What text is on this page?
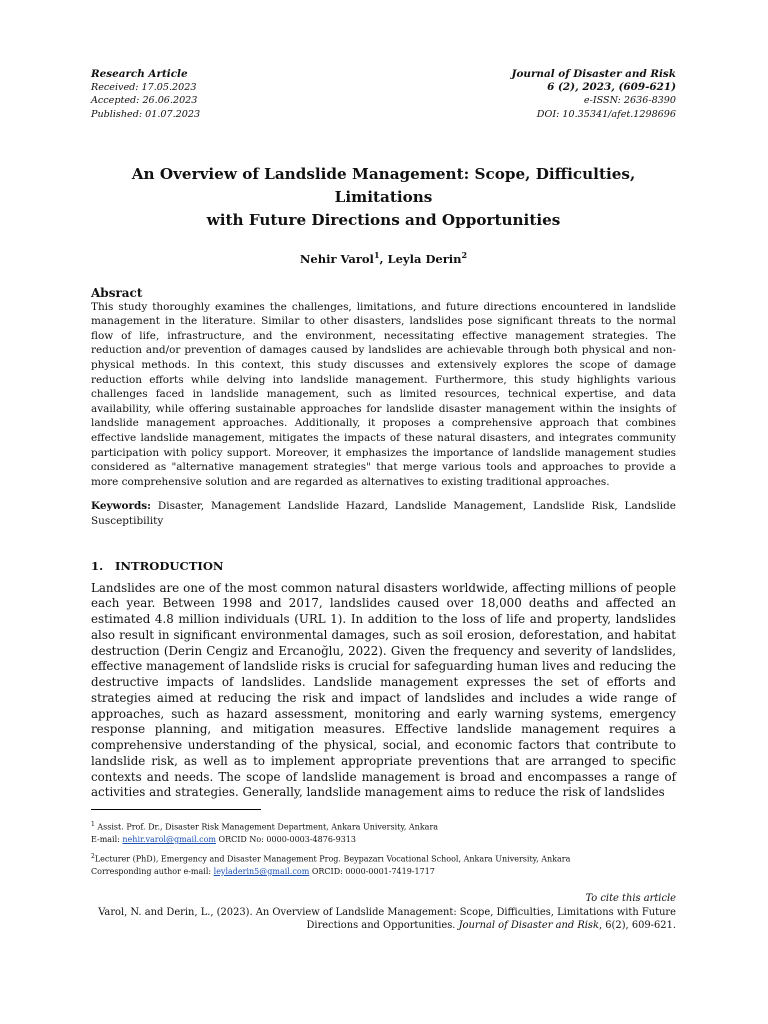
Research Article
Received: 17.05.2023
Accepted: 26.06.2023
Published: 01.07.2023
Journal of Disaster and Risk
6 (2), 2023, (609-621)
e-ISSN: 2636-8390
DOI: 10.35341/afet.1298696
An Overview of Landslide Management: Scope, Difficulties, Limitations
with Future Directions and Opportunities
Nehir Varol$^1$, Leyla Derin$^2$
Absract

This study thoroughly examines the challenges, limitations, and future directions encountered in landslide management in the literature. Similar to other disasters, landslides pose significant threats to the normal flow of life, infrastructure, and the environment, necessitating effective management strategies. The reduction and/or prevention of damages caused by landslides are achievable through both physical and non-physical methods. In this context, this study discusses and extensively explores the scope of damage reduction efforts while delving into landslide management. Furthermore, this study highlights various challenges faced in landslide management, such as limited resources, technical expertise, and data availability, while offering sustainable approaches for landslide disaster management within the insights of landslide management approaches. Additionally, it proposes a comprehensive approach that combines effective landslide management, mitigates the impacts of these natural disasters, and integrates community participation with policy support. Moreover, it emphasizes the importance of landslide management studies considered as "alternative management strategies" that merge various tools and approaches to provide a more comprehensive solution and are regarded as alternatives to existing traditional approaches.

Keywords: Disaster, Management Landslide Hazard, Landslide Management, Landslide Risk, Landslide Susceptibility
1. INTRODUCTION
Landslides are one of the most common natural disasters worldwide, affecting millions of people each year. Between 1998 and 2017, landslides caused over 18,000 deaths and affected an estimated 4.8 million individuals (URL 1). In addition to the loss of life and property, landslides also result in significant environmental damages, such as soil erosion, deforestation, and habitat destruction (Derin Cengiz and Ercanoğlu, 2022). Given the frequency and severity of landslides, effective management of landslide risks is crucial for safeguarding human lives and reducing the destructive impacts of landslides. Landslide management expresses the set of efforts and strategies aimed at reducing the risk and impact of landslides and includes a wide range of approaches, such as hazard assessment, monitoring and early warning systems, emergency response planning, and mitigation measures. Effective landslide management requires a comprehensive understanding of the physical, social, and economic factors that contribute to landslide risk, as well as to implement appropriate preventions that are arranged to specific contexts and needs. The scope of landslide management is broad and encompasses a range of activities and strategies. Generally, landslide management aims to reduce the risk of landslides
$^1$ Assist. Prof. Dr., Disaster Risk Management Department, Ankara University, Ankara
E-mail: nehir.varol@gmail.com ORCID No: 0000-0003-4876-9313
$^2$Lecturer (PhD), Emergency and Disaster Management Prog. Beypazarı Vocational School, Ankara University, Ankara
Corresponding author e-mail: leyladerin5@gmail.com ORCID: 0000-0001-7419-1717
To cite this article
Varol, N. and Derin, L., (2023). An Overview of Landslide Management: Scope, Difficulties, Limitations with Future
Directions and Opportunities. Journal of Disaster and Risk, 6(2), 609-621.
